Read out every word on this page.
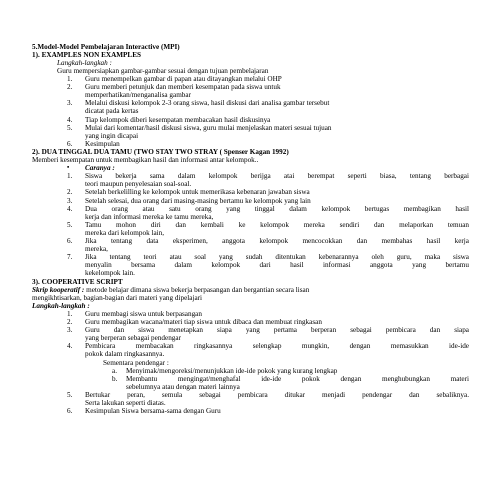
5.Model-Model Pembelajaran Interactive (MPI)
1). EXAMPLES NON EXAMPLES
Langkah-langkah :
Guru mempersiapkan gambar-gambar sesuai dengan tujuan pembelajaran
1. Guru menempelkan gambar di papan atau ditayangkan melalui OHP
2. Guru memberi petunjuk dan memberi kesempatan pada siswa untuk
memperhatikan/menganalisa gambar
3. Melalui diskusi kelompok 2-3 orang siswa, hasil diskusi dari analisa gambar tersebut
dicatat pada kertas
4. Tiap kelompok diberi kesempatan membacakan hasil diskusinya
5. Mulai dari komentar/hasil diskusi siswa, guru mulai menjelaskan materi sesuai tujuan
yang ingin dicapai
6. Kesimpulan
2). DUA TINGGAL DUA TAMU (TWO STAY TWO STRAY ( Spenser Kagan 1992)
Memberi kesempatan untuk membagikan hasil dan informasi antar kelompok..
▪ Caranya :
1. Siswa bekerja sama dalam kelompok berijga atai berempat seperti biasa, tentang berbagai
teori maupun penyelesaian soal-soal.
2. Setelah berkelilling ke kelompok untuk memerikasa kebenaran jawaban siswa
3. Setelah selesai, dua orang dari masing-masing bertamu ke kelompok yang lain
4. Dua orang atau satu orang yang tinggal dalam kelompok bertugas membagikan hasil
kerja dan informasi mereka ke tamu mereka,
5. Tamu mohon diri dan kembali ke kelompok mereka sendiri dan melaporkan temuan
mereka dari kelompok lain,
6. Jika tentang data eksperimen, anggota kelompok mencocokkan dan membahas hasil kerja
mereka,
7. Jika tentang teori atau soal yang sudah ditentukan kebenarannya oleh guru, maka siswa
menyalin bersama dalam kelompok dari hasil informasi anggota yang bertamu
kekelompok lain.
3). COOPERATIVE SCRIPT
Skrip kooperatif : metode belajar dimana siswa bekerja berpasangan dan bergantian secara lisan
mengikhtisarkan, bagian-bagian dari materi yang dipelajari
Langkah-langkah :
1. Guru membagi siswa untuk berpasangan
2. Guru membagikan wacana/materi tiap siswa untuk dibaca dan membuat ringkasan
3. Guru dan siswa menetapkan siapa yang pertama berperan sebagai pembicara dan siapa
yang berperan sebagai pendengar
4. Pembicara membacakan ringkasannya selengkap mungkin, dengan memasukkan ide-ide
pokok dalam ringkasannya.
Sementara pendengar :
a. Menyimak/mengoreksi/menunjukkan ide-ide pokok yang kurang lengkap
b. Membantu mengingat/menghafal ide-ide pokok dengan menghubungkan materi
sebelumnya atau dengan materi lainnya
5. Bertukar peran, semula sebagai pembicara ditukar menjadi pendengar dan sebaliknya.
Serta lakukan seperti diatas.
6. Kesimpulan Siswa bersama-sama dengan Guru
